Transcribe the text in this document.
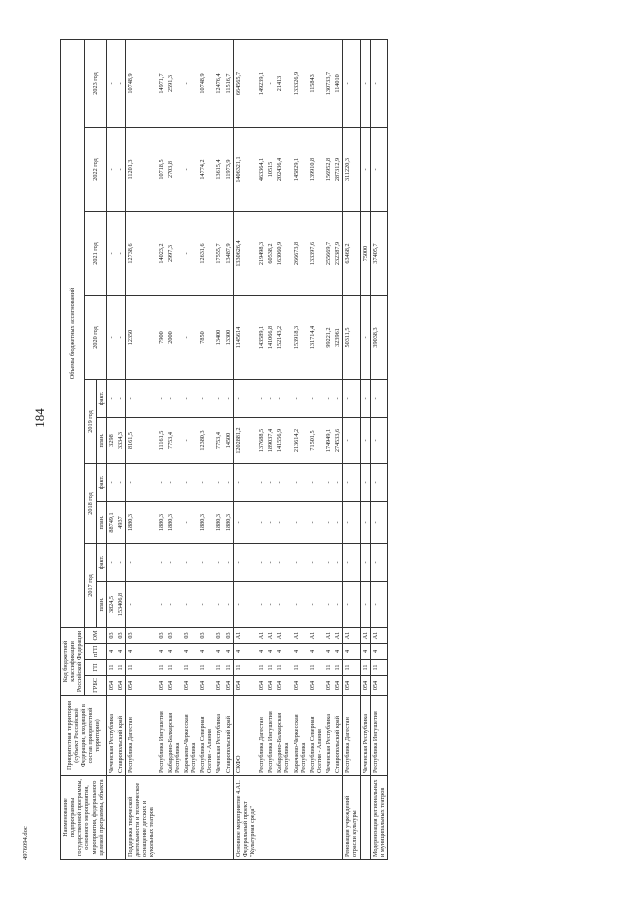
184
Наименование подпрограммы государственной программы, основного мероприятия, мероприятия, федерального целевой программы, объекта	Приоритетная территория (субъект Российской Федерации, входящий в состав приоритетной территории)	Код бюджетной классификации Российской Федерации				Объемы бюджетных ассигнований									
		ГРБС	ГП	пГП	ОМ	2017 год		2018 год		2019 год		2020 год	2021 год	2022 год	2023 год
						план.	факт.	план.	факт.	план.	факт.				
	Чеченская Республика	054	11	4	03	3824,5	-	88749,1	-	3298	-	-	-	-	-
	Ставропольский край	054	11	4	03	153406,8	-	4937	-	3334,3	-	-	-	-	-
Поддержка творческой деятельности и техническое оснащение детских и кукольных театров	Республика Дагестан	054	11	4	03	-	-	1880,3	-	8161,5	-	12350	12738,6	11201,3	10748,9
	Республика Ингушетия	054	11	4	03	-	-	1880,3	-	11161,5	-	7900	14023,2	10718,5	14971,7
	Кабардино-Балкарская Республика	054	11	4	03	-	-	1880,3	-	7753,4	-	2000	2997,3	2703,8	2591,3
	Карачаево-Черкесская Республика	054	11	4	03	-	-	-	-	-	-	-	-	-	-
	Республика Северная Осетия - Алания	054	11	4	03	-	-	1880,3	-	12380,3	-	7850	12631,6	14774,2	10748,9
	Чеченская Республика	054	11	4	03	-	-	1880,3	-	7753,4	-	13400	17555,7	13615,4	12476,4
	Ставропольский край	054	11	4	03	-	-	1880,3	-	14500	-	13300	13487,9	11973,9	11516,7
Основное мероприятие 4.А1. Федеральный проект "Культурная среда"	СКФО	054	11	4	А1	-	-	-	-	1202881,2	-	1145614	1330626,4	1406321,1	664565,7
	Республика Дагестан	054	11	4	А1	-	-	-	-	137688,5	-	143589,1	219498,3	463364,1	149239,1
	Республика Ингушетия	054	11	4	А1	-	-	-	-	189037,4	-	141066,8	60538,2	10515	-
	Кабардино-Балкарская Республика	054	11	4	А1	-	-	-	-	141556,9	-	152143,2	163060,9	202436,4	21413
	Карачаево-Черкесская Республика	054	11	4	А1	-	-	-	-	213614,2	-	153918,3	266673,8	145829,1	133326,9
	Республика Северная Осетия - Алания	054	11	4	А1	-	-	-	-	71501,5	-	131714,4	133397,6	139910,8	115843
	Чеченская Республика	054	11	4	А1	-	-	-	-	174949,1	-	99221,2	255669,7	156952,8	130733,7
	Ставропольский край	054	11	4	А1	-	-	-	-	274533,6	-	323961	232387,9	287312,9	114010
Реновация учреждений отрасли культуры	Республика Дагестан	054	11	4	А1	-	-	-	-	-	-	50311,5	63468,2	311220,3	-
	Чеченская Республика	054	11	4	А1	-	-	-	-	-	-	-	75000	-	-
Модернизация региональных и муниципальных театров	Республика Ингушетия	054	11	4	А1	-	-	-	-	-	-	39038,3	37405,7	-	-
4976094.doc
